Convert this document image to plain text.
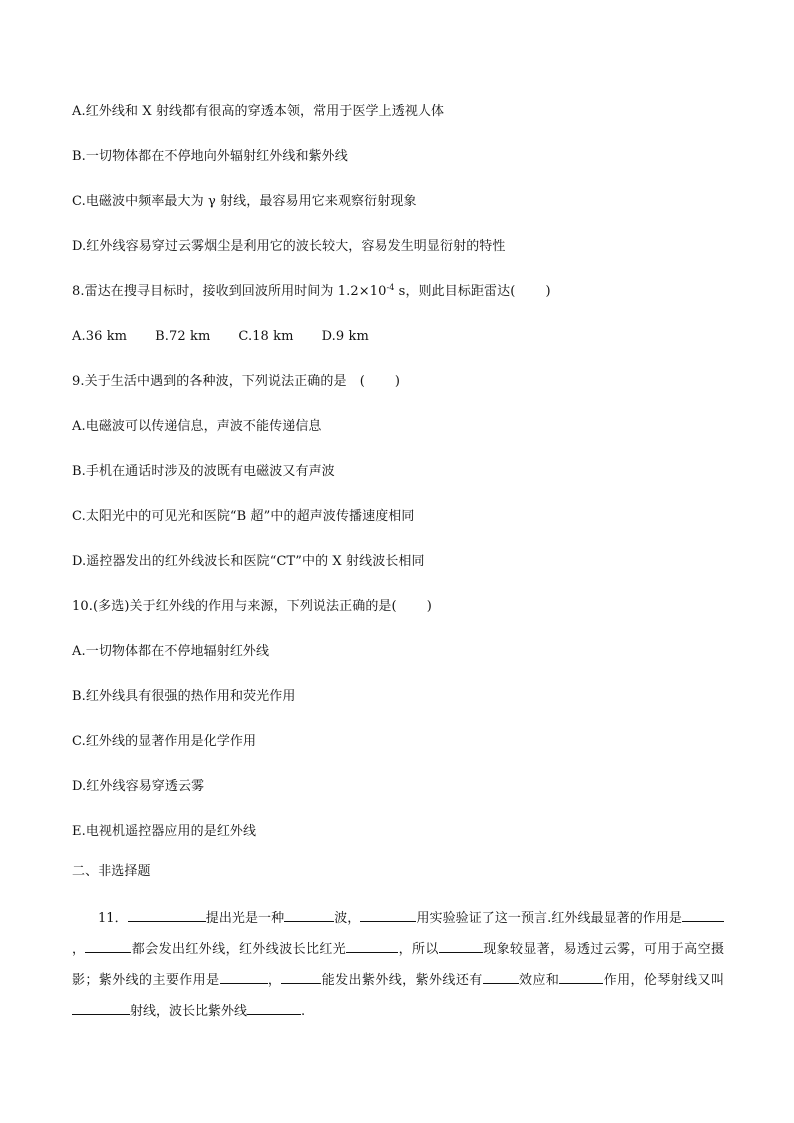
A.红外线和 X 射线都有很高的穿透本领，常用于医学上透视人体
B.一切物体都在不停地向外辐射红外线和紫外线
C.电磁波中频率最大为 γ 射线，最容易用它来观察衍射现象
D.红外线容易穿过云雾烟尘是利用它的波长较大，容易发生明显衍射的特性
8.雷达在搜寻目标时，接收到回波所用时间为 $1.2\times 10^{-4}$ s，则此目标距雷达( )
A.36 km B.72 km C.18 km D.9 km
9.关于生活中遇到的各种波，下列说法正确的是　( )
A.电磁波可以传递信息，声波不能传递信息
B.手机在通话时涉及的波既有电磁波又有声波
C.太阳光中的可见光和医院“B 超”中的超声波传播速度相同
D.遥控器发出的红外线波长和医院“CT”中的 X 射线波长相同
10.(多选)关于红外线的作用与来源，下列说法正确的是( )
A.一切物体都在不停地辐射红外线
B.红外线具有很强的热作用和荧光作用
C.红外线的显著作用是化学作用
D.红外线容易穿透云雾
E.电视机遥控器应用的是红外线
二、非选择题
11．	提出光是一种	波，	用实验验证了这一预言.红外线最显著的作用是，	都会发出红外线，红外线波长比红光	，所以	现象较显著，易透过云雾，可用于高空摄影；紫外线的主要作用是	，	能发出紫外线，紫外线还有	效应和	作用，伦琴射线又叫射线，波长比紫外线	.
